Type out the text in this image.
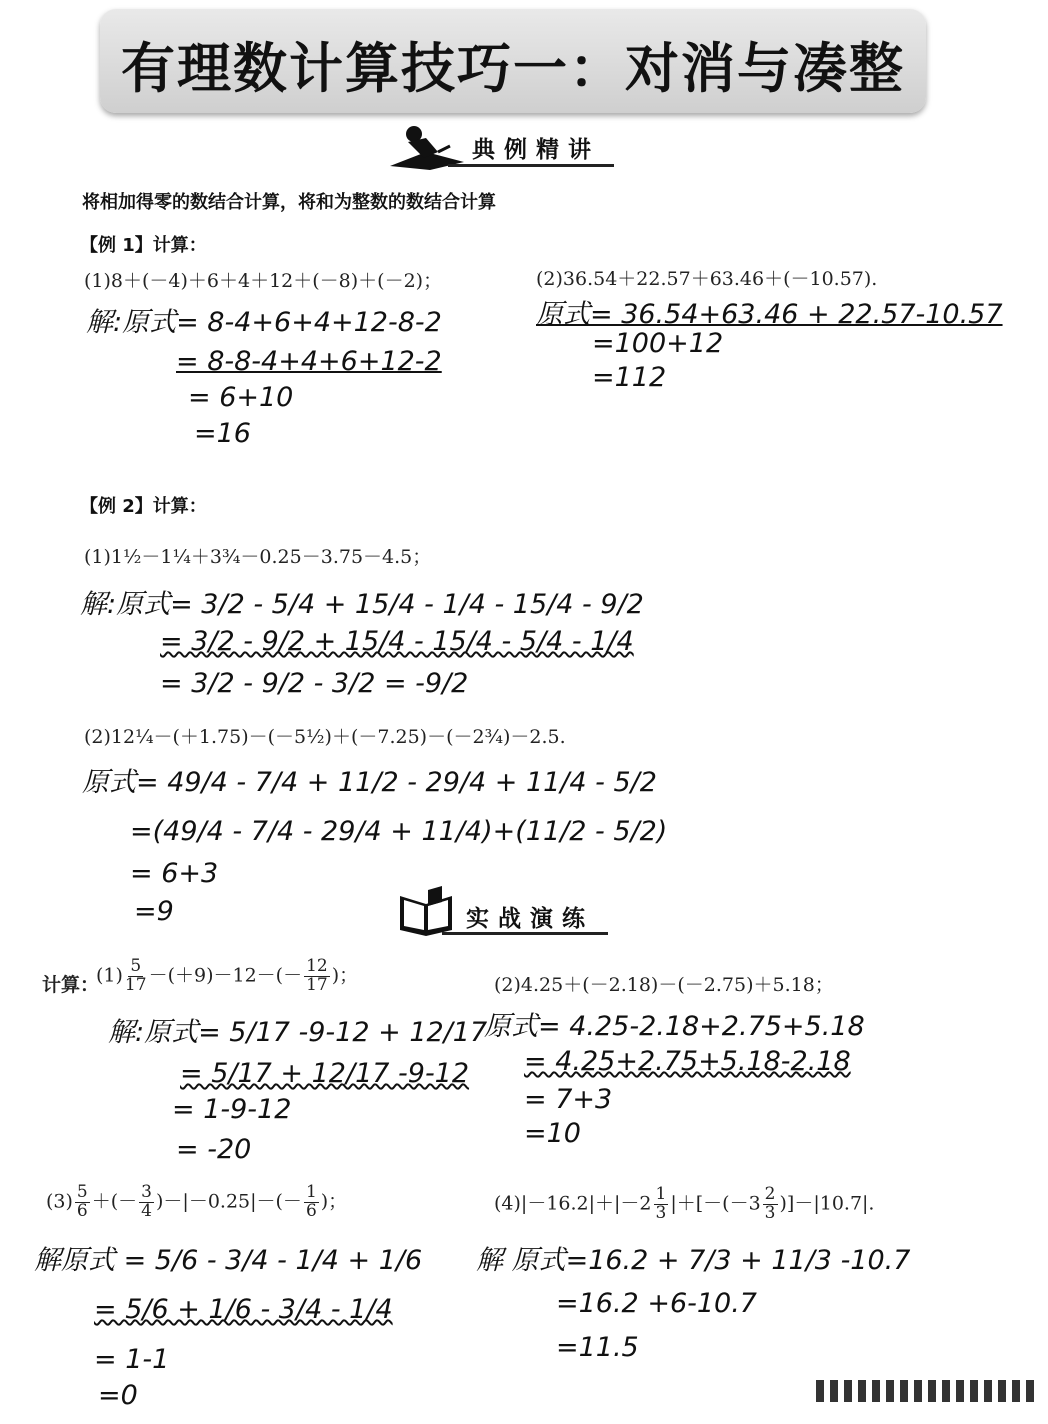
有理数计算技巧一：对消与凑整
典例精讲
将相加得零的数结合计算，将和为整数的数结合计算
【例 1】计算：
(1)8＋(－4)＋6＋4＋12＋(－8)＋(－2)；
解:原式= 8-4+6+4+12-8-2
= 8-8-4+4+6+12-2
= 6+10
=16
(2)36.54＋22.57＋63.46＋(－10.57).
原式= 36.54+63.46 + 22.57-10.57
=100+12
=112
【例 2】计算：
(1)1½－1¼＋3¾－0.25－3.75－4.5；
解:原式= 3/2 - 5/4 + 15/4 - 1/4 - 15/4 - 9/2
= 3/2 - 9/2 + 15/4 - 15/4 - 5/4 - 1/4
= 3/2 - 9/2 - 3/2 = -9/2
(2)12¼－(＋1.75)－(－5½)＋(－7.25)－(－2¾)－2.5.
原式= 49/4 - 7/4 + 11/2 - 29/4 + 11/4 - 5/2
=(49/4 - 7/4 - 29/4 + 11/4)+(11/2 - 5/2)
= 6+3
=9	实战演练
计算：
$(1) \frac{5}{17} -(+9)-12-(- \frac{12}{17}$ )；
解:原式= 5/17 -9-12 + 12/17
= 5/17 + 12/17 -9-12
= 1-9-12
= -20
(2)4.25＋(－2.18)－(－2.75)＋5.18；
原式= 4.25-2.18+2.75+5.18
= 4.25+2.75+5.18-2.18
= 7+3
=10
$(3) \frac{5}{6}$ ＋(－ $\frac{3}{4} )-|-0.25|-(- \frac{1}{6}$ )；
解原式 = 5/6 - 3/4 - 1/4 + 1/6
= 5/6 + 1/6 - 3/4 - 1/4
= 1-1
=0
$(4)|-16.2|+|-2 \frac{1}{3} |+[-(-3 \frac{2}{3} )]-|10.7|$.
解 原式=16.2 + 7/3 + 11/3 -10.7
=16.2 +6-10.7
=11.5
